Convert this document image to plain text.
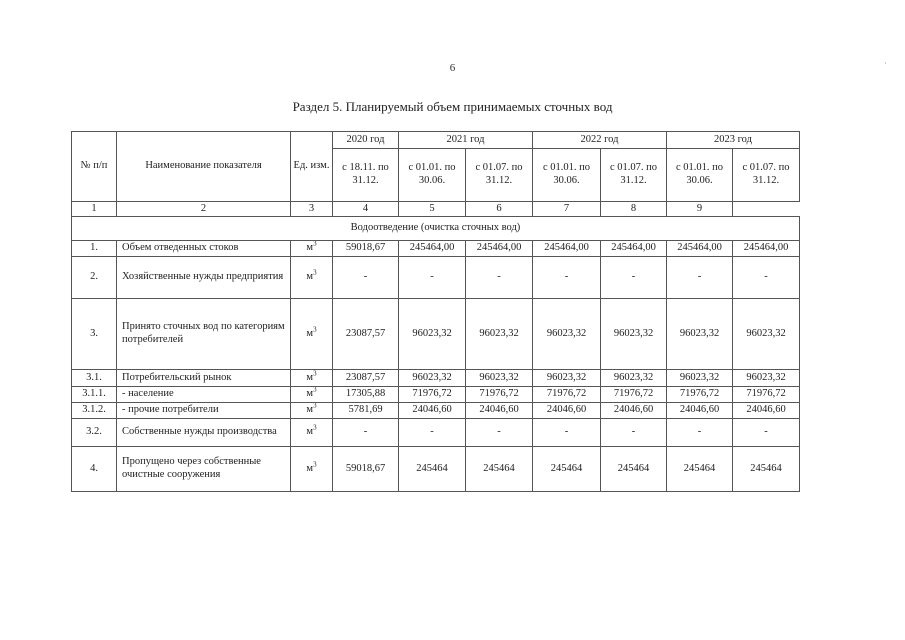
6	·
Раздел 5. Планируемый объем принимаемых сточных вод
№ п/п	Наименование показателя	Ед. изм.	2020 год	2021 год		2022 год		2023 год	
			с 18.11. по 31.12.	с 01.01. по 30.06.	с 01.07. по 31.12.	с 01.01. по 30.06.	с 01.07. по 31.12.	с 01.01. по 30.06.	с 01.07. по 31.12.
1	2	3	4	5	6	7	8	9	
Водоотведение (очистка сточных вод)									
1.	Объем отведенных стоков	$м^3$	59018,67	245464,00	245464,00	245464,00	245464,00	245464,00	245464,00
2.	Хозяйственные нужды предприятия	$м^3$	-	-	-	-	-	-	-
3.	Принято сточных вод по категориям потребителей	$м^3$	23087,57	96023,32	96023,32	96023,32	96023,32	96023,32	96023,32
3.1.	Потребительский рынок	$м^3$	23087,57	96023,32	96023,32	96023,32	96023,32	96023,32	96023,32
3.1.1.	- население	$м^3$	17305,88	71976,72	71976,72	71976,72	71976,72	71976,72	71976,72
3.1.2.	- прочие потребители	$м^3$	5781,69	24046,60	24046,60	24046,60	24046,60	24046,60	24046,60
3.2.	Собственные нужды производства	$м^3$	-	-	-	-	-	-	-
4.	Пропущено через собственные очистные сооружения	$м^3$	59018,67	245464	245464	245464	245464	245464	245464
